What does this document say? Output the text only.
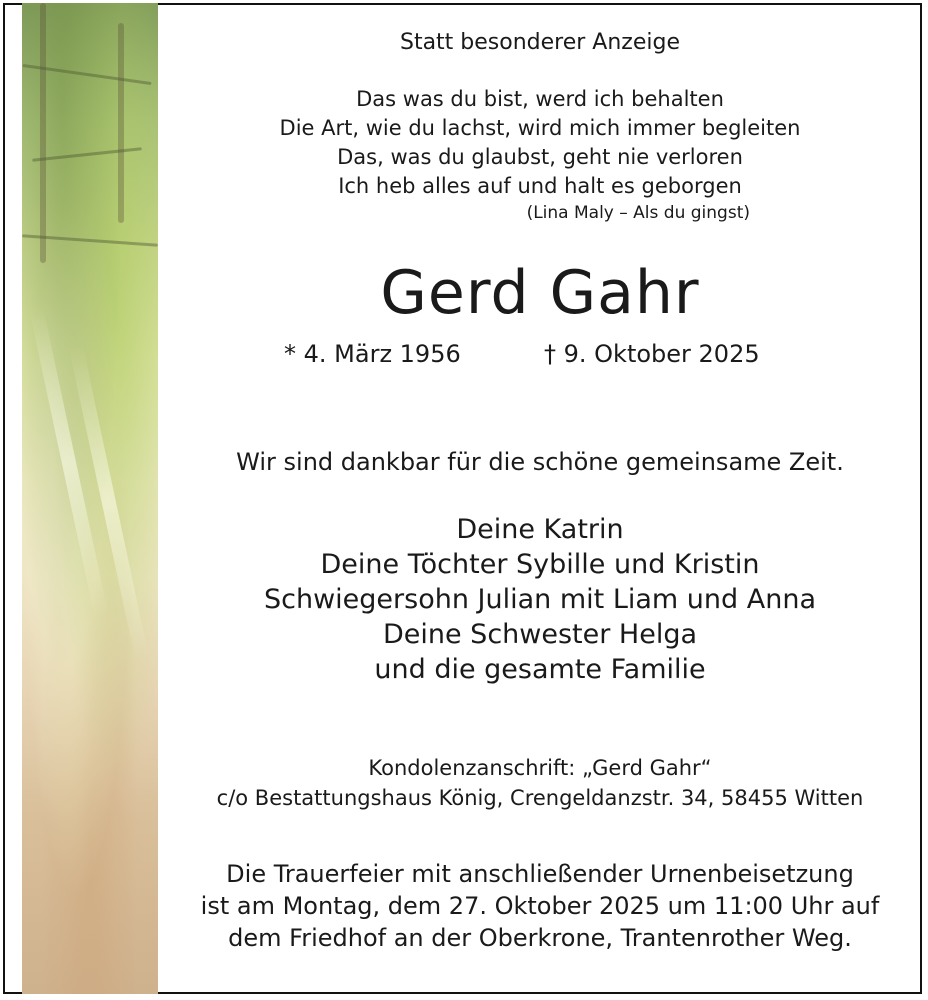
Statt besonderer Anzeige

Das was du bist, werd ich behalten

Die Art, wie du lachst, wird mich immer begleiten

Das, was du glaubst, geht nie verloren

Ich heb alles auf und halt es geborgen

(Lina Maly – Als du gingst)

Gerd Gahr
* 4. März 1956	† 9. Oktober 2025

Wir sind dankbar für die schöne gemeinsame Zeit.

Deine Katrin

Deine Töchter Sybille und Kristin

Schwiegersohn Julian mit Liam und Anna

Deine Schwester Helga

und die gesamte Familie

Kondolenzanschrift: „Gerd Gahr“

c/o Bestattungshaus König, Crengeldanzstr. 34, 58455 Witten

Die Trauerfeier mit anschließender Urnenbeisetzung

ist am Montag, dem 27. Oktober 2025 um 11:00 Uhr auf

dem Friedhof an der Oberkrone, Trantenrother Weg.
